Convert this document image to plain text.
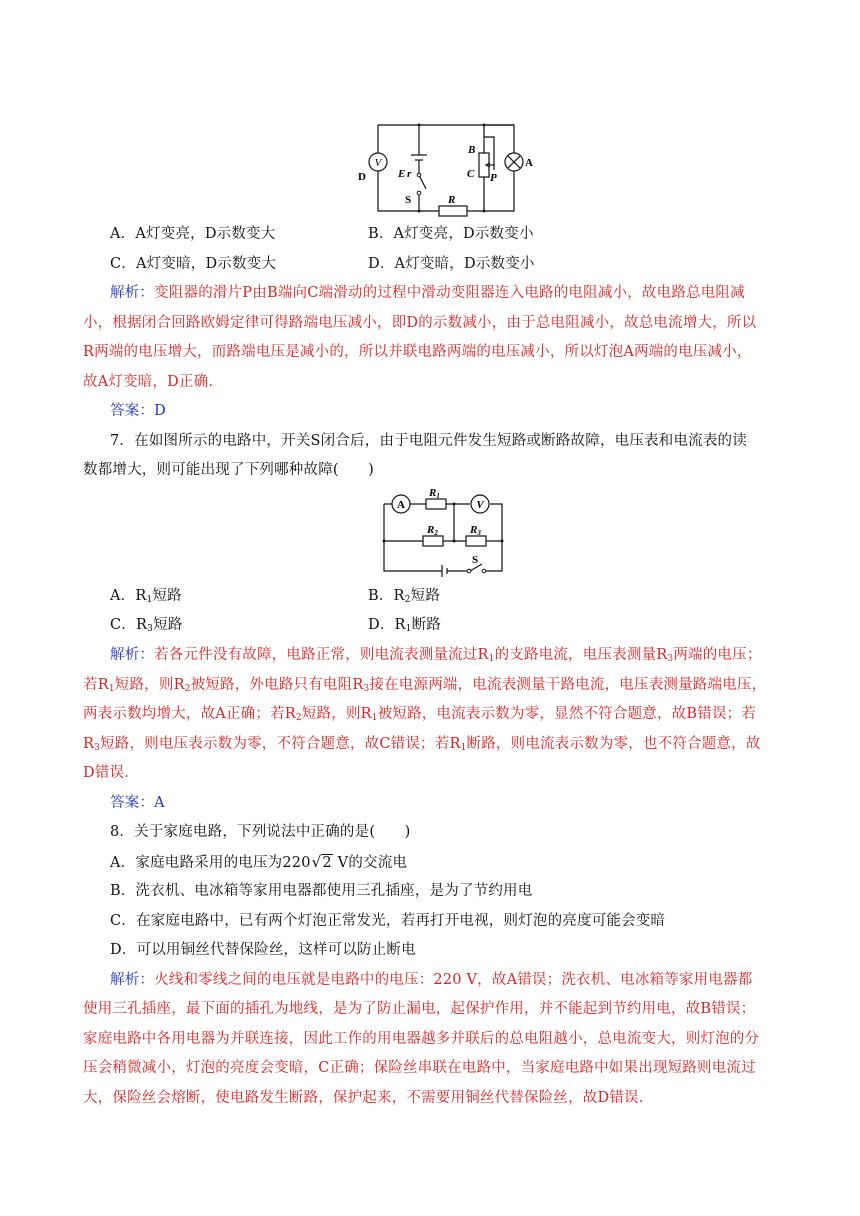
V
D	E r
S	R
B
C P
A
A．A灯变亮，D示数变大	B．A灯变亮，D示数变小
C．A灯变暗，D示数变大	D．A灯变暗，D示数变小
解析：变阻器的滑片P由B端向C端滑动的过程中滑动变阻器连入电路的电阻减小，故电路总电阻减
小，根据闭合回路欧姆定律可得路端电压减小，即D的示数减小，由于总电阻减小，故总电流增大，所以
R两端的电压增大，而路端电压是减小的，所以并联电路两端的电压减小，所以灯泡A两端的电压减小，
故A灯变暗，D正确.
答案：D
7．在如图所示的电路中，开关S闭合后，由于电阻元件发生短路或断路故障，电压表和电流表的读
数都增大，则可能出现了下列哪种故障(　　)
A	V
R1
R2	R3
S
A．$R_1$短路	B．$R_2$短路
C．$R_3$短路	D．$R_1$断路
解析：若各元件没有故障，电路正常，则电流表测量流过$R_1$的支路电流，电压表测量$R_3$两端的电压；
若$R_1$短路，则$R_2$被短路，外电路只有电阻$R_3$接在电源两端，电流表测量干路电流，电压表测量路端电压，
两表示数均增大，故A正确；若$R_2$短路，则$R_1$被短路，电流表示数为零，显然不符合题意，故B错误；若
$R_3$短路，则电压表示数为零，不符合题意，故C错误；若$R_1$断路，则电流表示数为零，也不符合题意，故
D错误.
答案：A
8．关于家庭电路，下列说法中正确的是(　　)
A．家庭电路采用的电压为220√2 V的交流电
B．洗衣机、电冰箱等家用电器都使用三孔插座，是为了节约用电
C．在家庭电路中，已有两个灯泡正常发光，若再打开电视，则灯泡的亮度可能会变暗
D．可以用铜丝代替保险丝，这样可以防止断电
解析：火线和零线之间的电压就是电路中的电压：220 V，故A错误；洗衣机、电冰箱等家用电器都
使用三孔插座，最下面的插孔为地线，是为了防止漏电，起保护作用，并不能起到节约用电，故B错误；
家庭电路中各用电器为并联连接，因此工作的用电器越多并联后的总电阻越小，总电流变大，则灯泡的分
压会稍微减小，灯泡的亮度会变暗，C正确；保险丝串联在电路中，当家庭电路中如果出现短路则电流过
大，保险丝会熔断，使电路发生断路，保护起来，不需要用铜丝代替保险丝，故D错误.
